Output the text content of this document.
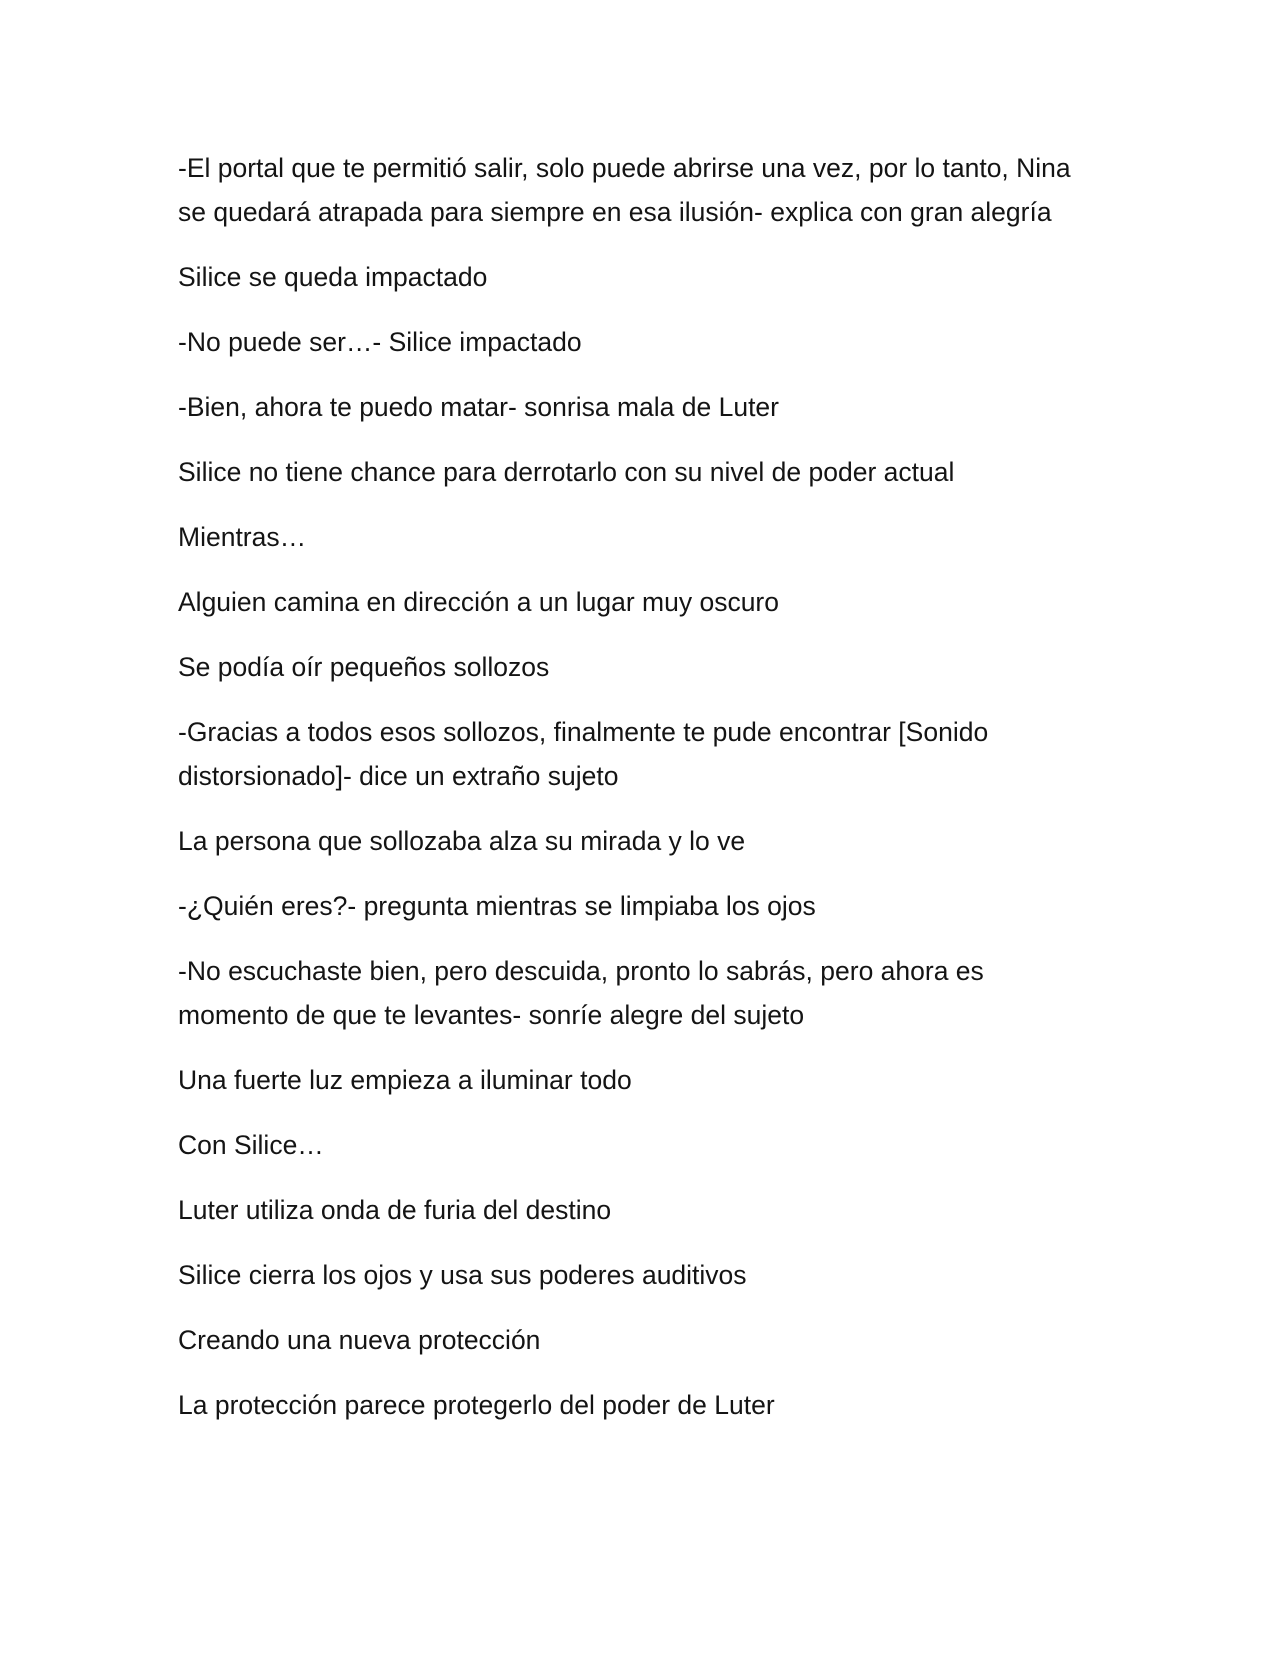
-El portal que te permitió salir, solo puede abrirse una vez, por lo tanto, Nina se quedará atrapada para siempre en esa ilusión- explica con gran alegría

Silice se queda impactado

-No puede ser…- Silice impactado

-Bien, ahora te puedo matar- sonrisa mala de Luter

Silice no tiene chance para derrotarlo con su nivel de poder actual

Mientras…

Alguien camina en dirección a un lugar muy oscuro

Se podía oír pequeños sollozos

-Gracias a todos esos sollozos, finalmente te pude encontrar [Sonido distorsionado]- dice un extraño sujeto

La persona que sollozaba alza su mirada y lo ve

-¿Quién eres?- pregunta mientras se limpiaba los ojos

-No escuchaste bien, pero descuida, pronto lo sabrás, pero ahora es momento de que te levantes- sonríe alegre del sujeto

Una fuerte luz empieza a iluminar todo

Con Silice…

Luter utiliza onda de furia del destino

Silice cierra los ojos y usa sus poderes auditivos

Creando una nueva protección

La protección parece protegerlo del poder de Luter
